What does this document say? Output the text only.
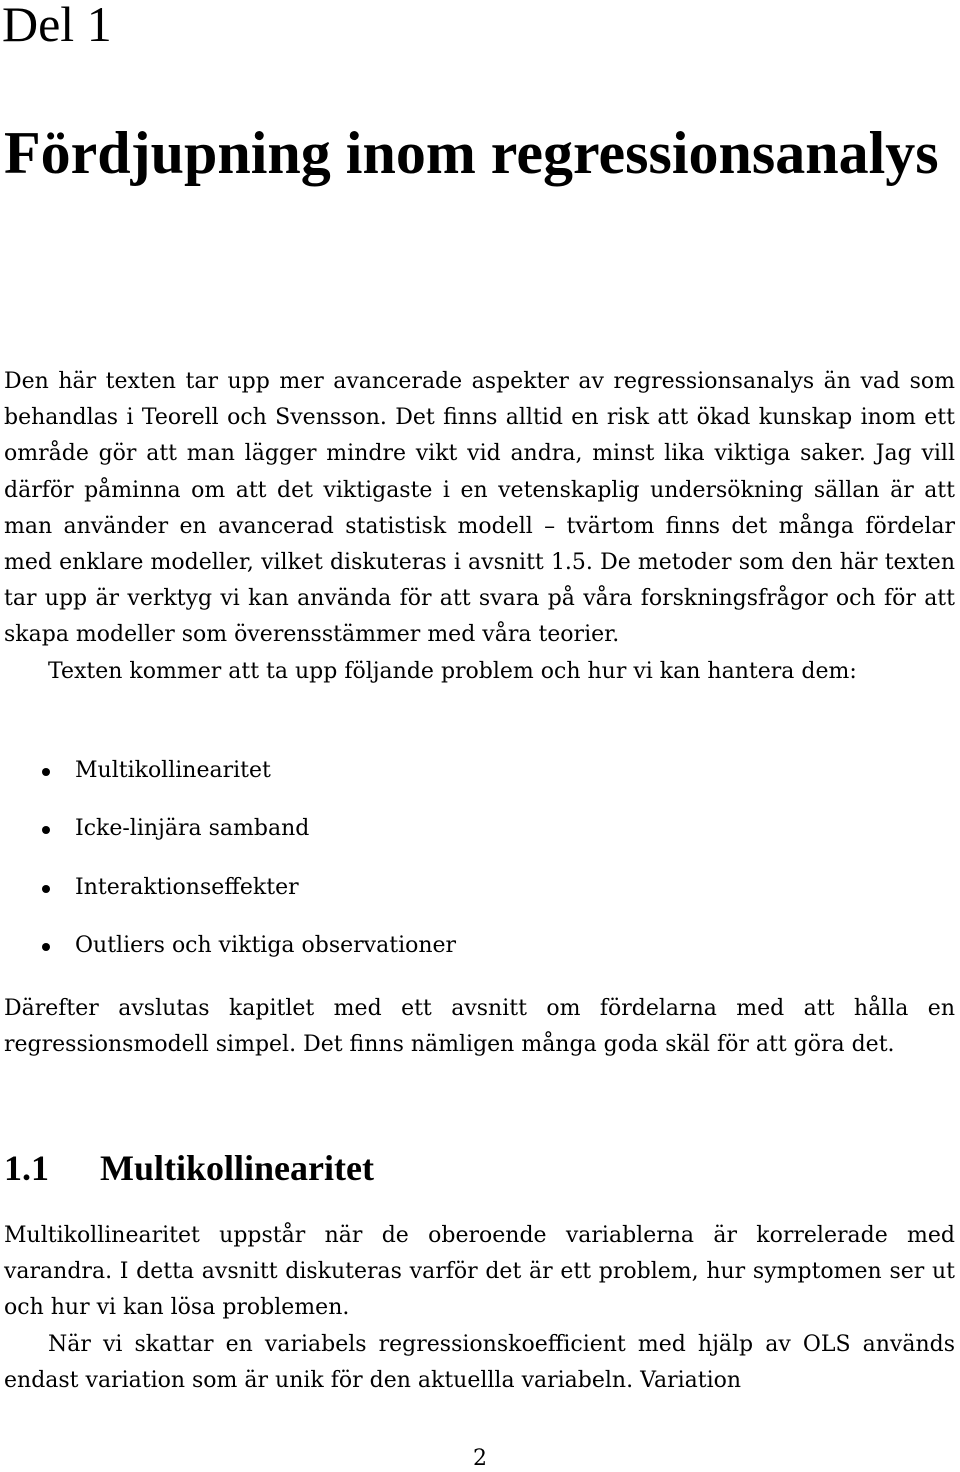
Del 1
Fördjupning inom regressionsanalys

Den här texten tar upp mer avancerade aspekter av regressionsanalys än vad som behandlas i Teorell och Svensson. Det finns alltid en risk att ökad kunskap inom ett område gör att man lägger mindre vikt vid andra, minst lika viktiga saker. Jag vill därför påminna om att det viktigaste i en vetenskaplig undersökning sällan är att man använder en avancerad statistisk modell – tvärtom finns det många fördelar med enklare modeller, vilket diskuteras i avsnitt 1.5. De metoder som den här texten tar upp är verktyg vi kan använda för att svara på våra forskningsfrågor och för att skapa modeller som överensstämmer med våra teorier.

Texten kommer att ta upp följande problem och hur vi kan hantera dem:

Multikollinearitet
Icke-linjära samband
Interaktionseffekter
Outliers och viktiga observationer

Därefter avslutas kapitlet med ett avsnitt om fördelarna med att hålla en regressionsmodell simpel. Det finns nämligen många goda skäl för att göra det.

1.1 Multikollinearitet

Multikollinearitet uppstår när de oberoende variablerna är korrelerade med varandra. I detta avsnitt diskuteras varför det är ett problem, hur symptomen ser ut och hur vi kan lösa problemen.

När vi skattar en variabels regressionskoefficient med hjälp av OLS används endast variation som är unik för den aktuellla variabeln. Variation

2
